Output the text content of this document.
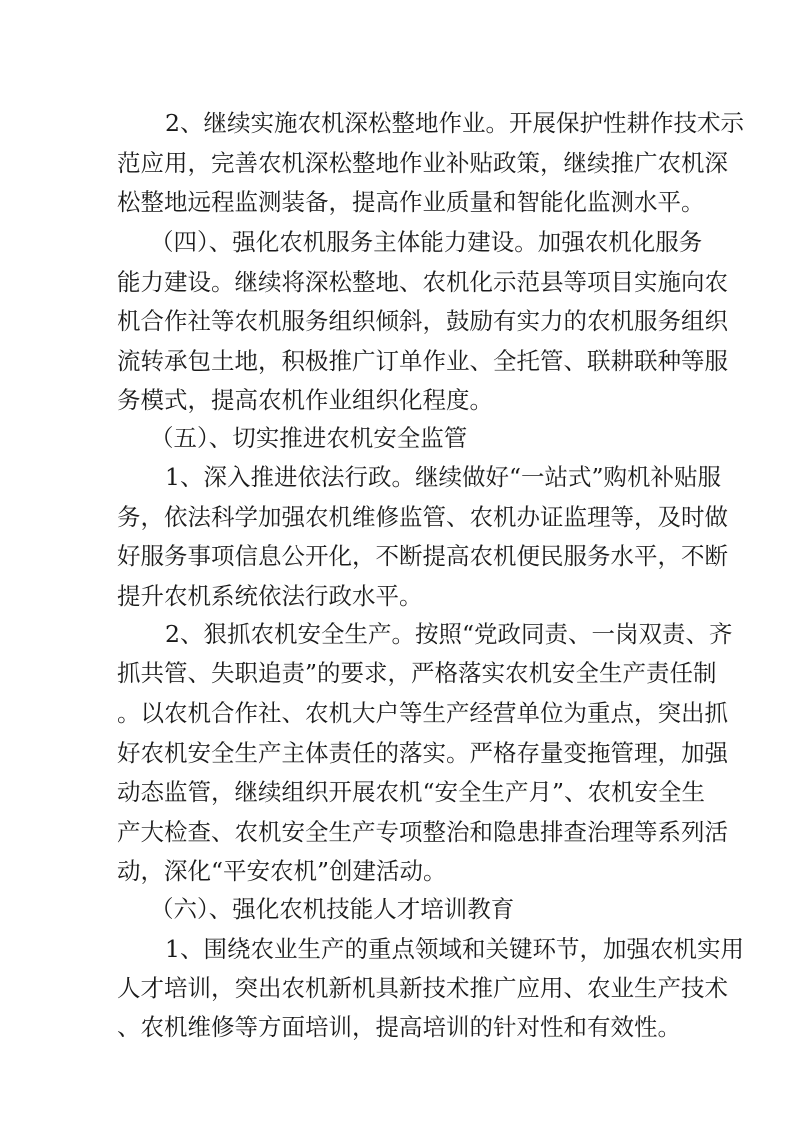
2、继续实施农机深松整地作业。开展保护性耕作技术示
范应用，完善农机深松整地作业补贴政策，继续推广农机深
松整地远程监测装备，提高作业质量和智能化监测水平。
（四）、强化农机服务主体能力建设。加强农机化服务
能力建设。继续将深松整地、农机化示范县等项目实施向农
机合作社等农机服务组织倾斜，鼓励有实力的农机服务组织
流转承包土地，积极推广订单作业、全托管、联耕联种等服
务模式，提高农机作业组织化程度。
（五）、切实推进农机安全监管
1、深入推进依法行政。继续做好“一站式”购机补贴服
务，依法科学加强农机维修监管、农机办证监理等，及时做
好服务事项信息公开化，不断提高农机便民服务水平，不断
提升农机系统依法行政水平。
2、狠抓农机安全生产。按照“党政同责、一岗双责、齐
抓共管、失职追责”的要求，严格落实农机安全生产责任制
。以农机合作社、农机大户等生产经营单位为重点，突出抓
好农机安全生产主体责任的落实。严格存量变拖管理，加强
动态监管，继续组织开展农机“安全生产月”、农机安全生
产大检查、农机安全生产专项整治和隐患排查治理等系列活
动，深化“平安农机”创建活动。
（六）、强化农机技能人才培训教育
1、围绕农业生产的重点领域和关键环节，加强农机实用
人才培训，突出农机新机具新技术推广应用、农业生产技术
、农机维修等方面培训，提高培训的针对性和有效性。
